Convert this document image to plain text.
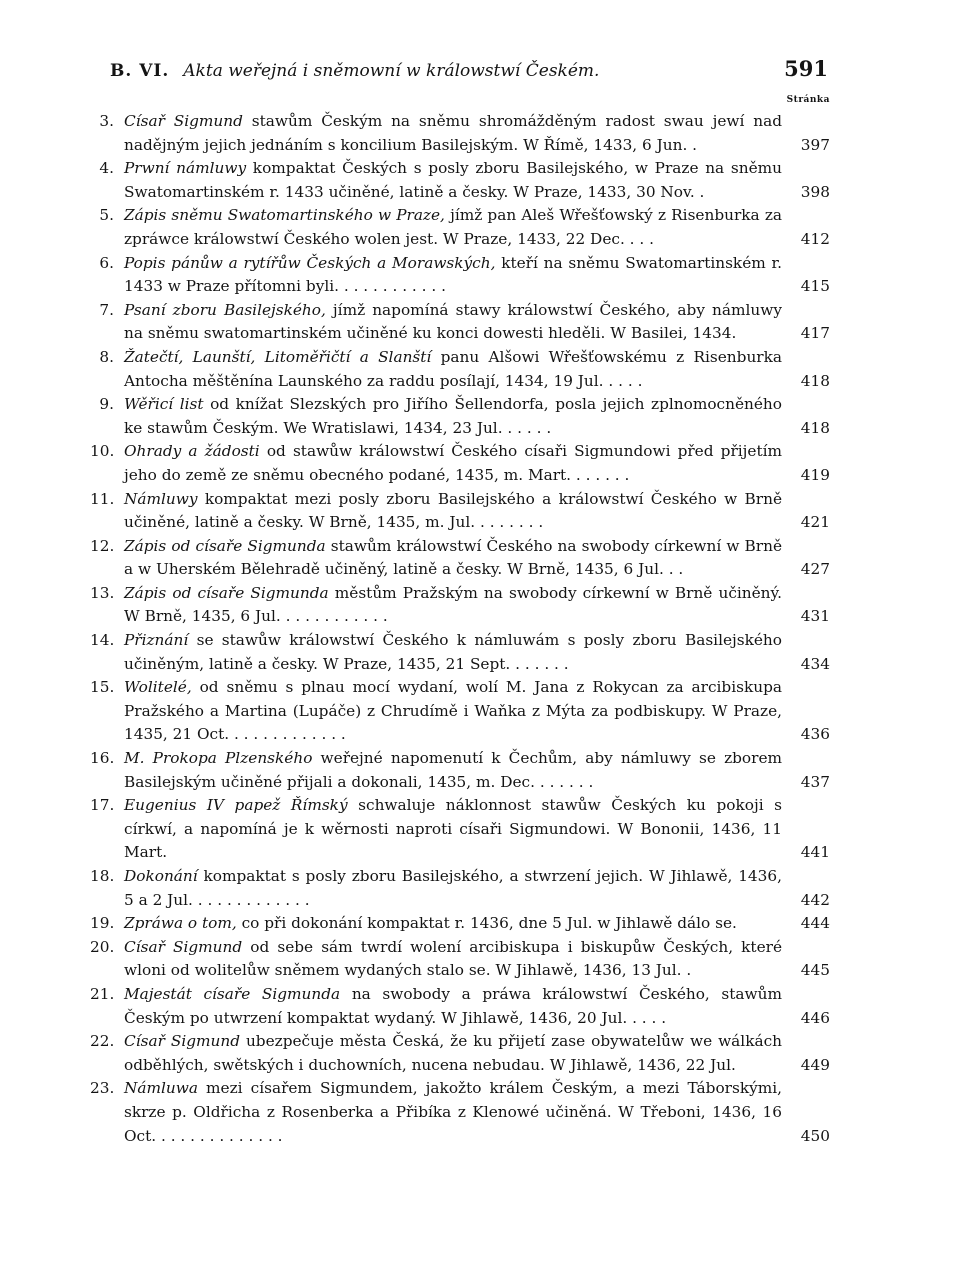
B. VI. Akta weřejná i sněmowní w králowstwí Českém.	591
Stránka
3. Císař Sigmund stawům Českým na sněmu shromážděným radost swau jewí nad nadějným jejich jednáním s koncilium Basilejským. W Římě, 1433, 6 Jun. .	397
4. Prwní námluwy kompaktat Českých s posly zboru Basilejského, w Praze na sněmu Swatomartinském r. 1433 učiněné, latině a česky. W Praze, 1433, 30 Nov. .	398
5. Zápis sněmu Swatomartinského w Praze, jímž pan Aleš Wřešťowský z Risenburka za zpráwce králowstwí Českého wolen jest. W Praze, 1433, 22 Dec. . . .	412
6. Popis pánůw a rytířůw Českých a Morawských, kteří na sněmu Swatomartinském r. 1433 w Praze přítomni byli. . . . . . . . . . . .	415
7. Psaní zboru Basilejského, jímž napomíná stawy králowstwí Českého, aby námluwy na sněmu swatomartinském učiněné ku konci dowesti hleděli. W Basilei, 1434.	417
8. Žatečtí, Launští, Litoměřičtí a Slanští panu Alšowi Wřešťowskému z Risenburka Antocha měštěnína Launského za raddu posílají, 1434, 19 Jul. . . . .	418
9. Wěřicí list od knížat Slezských pro Jiřího Šellendorfa, posla jejich zplnomocněného ke stawům Českým. We Wratislawi, 1434, 23 Jul. . . . . .	418
10. Ohrady a žádosti od stawůw králowstwí Českého císaři Sigmundowi před přijetím jeho do země ze sněmu obecného podané, 1435, m. Mart. . . . . . .	419
11. Námluwy kompaktat mezi posly zboru Basilejského a králowstwí Českého w Brně učiněné, latině a česky. W Brně, 1435, m. Jul. . . . . . . .	421
12. Zápis od císaře Sigmunda stawům králowstwí Českého na swobody církewní w Brně a w Uherském Bělehradě učiněný, latině a česky. W Brně, 1435, 6 Jul. . .	427
13. Zápis od císaře Sigmunda městům Pražským na swobody církewní w Brně učiněný. W Brně, 1435, 6 Jul. . . . . . . . . . . .	431
14. Přiznání se stawůw králowstwí Českého k námluwám s posly zboru Basilejského učiněným, latině a česky. W Praze, 1435, 21 Sept. . . . . . .	434
15. Wolitelé, od sněmu s plnau mocí wydaní, wolí M. Jana z Rokycan za arcibiskupa Pražského a Martina (Lupáče) z Chrudímě i Waňka z Mýta za podbiskupy. W Praze, 1435, 21 Oct. . . . . . . . . . . . .	436
16. M. Prokopa Plzenského weřejné napomenutí k Čechům, aby námluwy se zborem Basilejským učiněné přijali a dokonali, 1435, m. Dec. . . . . . .	437
17. Eugenius IV papež Římský schwaluje náklonnost stawůw Českých ku pokoji s církwí, a napomíná je k wěrnosti naproti císaři Sigmundowi. W Bononii, 1436, 11 Mart.	441
18. Dokonání kompaktat s posly zboru Basilejského, a stwrzení jejich. W Jihlawě, 1436, 5 a 2 Jul. . . . . . . . . . . . .	442
19. Zpráwa o tom, co při dokonání kompaktat r. 1436, dne 5 Jul. w Jihlawě dálo se.	444
20. Císař Sigmund od sebe sám twrdí wolení arcibiskupa i biskupůw Českých, které wloni od wolitelůw sněmem wydaných stalo se. W Jihlawě, 1436, 13 Jul. .	445
21. Majestát císaře Sigmunda na swobody a práwa králowstwí Českého, stawům Českým po utwrzení kompaktat wydaný. W Jihlawě, 1436, 20 Jul. . . . .	446
22. Císař Sigmund ubezpečuje města Česká, že ku přijetí zase obywatelůw we wálkách odběhlých, swětských i duchowních, nucena nebudau. W Jihlawě, 1436, 22 Jul.	449
23. Námluwa mezi císařem Sigmundem, jakožto králem Českým, a mezi Táborskými, skrze p. Oldřicha z Rosenberka a Přibíka z Klenowé učiněná. W Třeboni, 1436, 16 Oct. . . . . . . . . . . . . .	450
